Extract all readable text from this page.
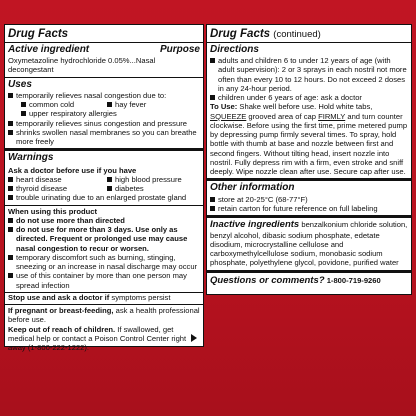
Drug Facts
Active ingredient	Purpose
Oxymetazoline hydrochloride 0.05%...Nasal decongestant
Uses
temporarily relieves nasal congestion due to:
common cold	hay fever
upper respiratory allergies
temporarily relieves sinus congestion and pressure
shrinks swollen nasal membranes so you can breathe more freely
Warnings
Ask a doctor before use if you have
heart disease	high blood pressure
thyroid disease	diabetes
trouble urinating due to an enlarged prostate gland
When using this product
do not use more than directed
do not use for more than 3 days. Use only as directed. Frequent or prolonged use may cause nasal congestion to recur or worsen.
temporary discomfort such as burning, stinging, sneezing or an increase in nasal discharge may occur
use of this container by more than one person may spread infection
Stop use and ask a doctor if symptoms persist
If pregnant or breast-feeding, ask a health professional before use.
Keep out of reach of children. If swallowed, get medical help or contact a Poison Control Center right away (1-800-222-1222).
Drug Facts (continued)
Directions
adults and children 6 to under 12 years of age (with adult supervision): 2 or 3 sprays in each nostril not more often than every 10 to 12 hours. Do not exceed 2 doses in any 24-hour period.
children under 6 years of age: ask a doctor
To Use: Shake well before use. Hold white tabs, SQUEEZE grooved area of cap FIRMLY and turn counter clockwise. Before using the first time, prime metered pump by depressing pump firmly several times. To spray, hold bottle with thumb at base and nozzle between first and second fingers. Without tilting head, insert nozzle into nostril. Fully depress rim with a firm, even stroke and sniff deeply. Wipe nozzle clean after use. Secure cap after use.
Other information
store at 20-25°C (68-77°F)
retain carton for future reference on full labeling
Inactive ingredients benzalkonium chloride solution, benzyl alcohol, dibasic sodium phosphate, edetate disodium, microcrystalline cellulose and carboxymethylcellulose sodium, monobasic sodium phosphate, polyethylene glycol, povidone, purified water
Questions or comments? 1-800-719-9260
